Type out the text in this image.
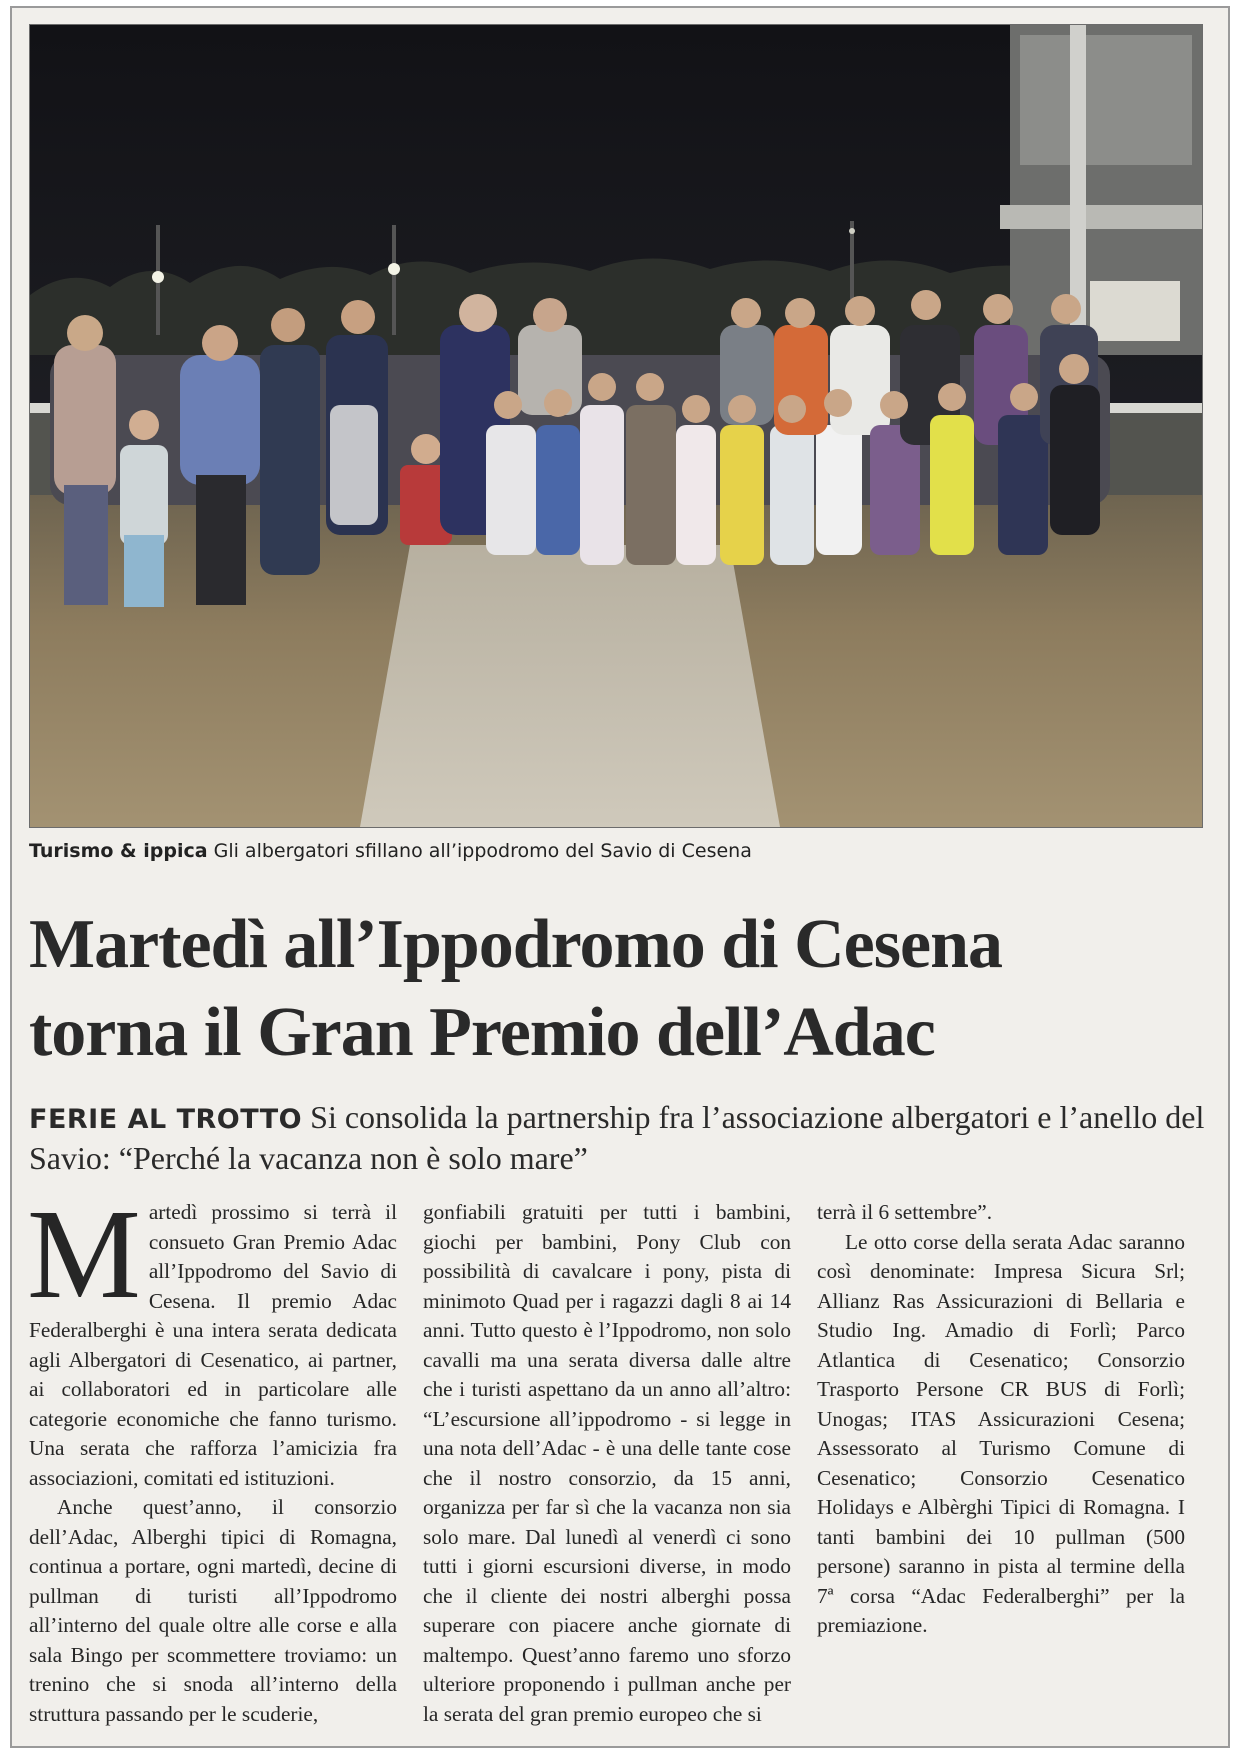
Turismo & ippica Gli albergatori sfillano all’ippodromo del Savio di Cesena
Martedì all’Ippodromo di Cesena
torna il Gran Premio dell’Adac
FERIE AL TROTTO Si consolida la partnership fra l’associazione albergatori e l’anello del Savio: “Perché la vacanza non è solo mare”

Martedì prossimo si terrà il consueto Gran Premio Adac all’Ippodromo del Savio di Cesena. Il premio Adac Federalberghi è una intera serata dedicata agli Albergatori di Cesenatico, ai partner, ai collaboratori ed in particolare alle categorie economiche che fanno turismo. Una serata che rafforza l’amicizia fra associazioni, comitati ed istituzioni.

Anche quest’anno, il consorzio dell’Adac, Alberghi tipici di Romagna, continua a portare, ogni martedì, decine di pullman di turisti all’Ippodromo all’interno del quale oltre alle corse e alla sala Bingo per scommettere troviamo: un trenino che si snoda all’interno della struttura passando per le scuderie,

gonfiabili gratuiti per tutti i bambini, giochi per bambini, Pony Club con possibilità di cavalcare i pony, pista di minimoto Quad per i ragazzi dagli 8 ai 14 anni. Tutto questo è l’Ippodromo, non solo cavalli ma una serata diversa dalle altre che i turisti aspettano da un anno all’altro: “L’escursione all’ippodromo - si legge in una nota dell’Adac - è una delle tante cose che il nostro consorzio, da 15 anni, organizza per far sì che la vacanza non sia solo mare. Dal lunedì al venerdì ci sono tutti i giorni escursioni diverse, in modo che il cliente dei nostri alberghi possa superare con piacere anche giornate di maltempo. Quest’anno faremo uno sforzo ulteriore proponendo i pullman anche per la serata del gran premio europeo che si

terrà il 6 settembre”.

Le otto corse della serata Adac saranno così denominate: Impresa Sicura Srl; Allianz Ras Assicurazioni di Bellaria e Studio Ing. Amadio di Forlì; Parco Atlantica di Cesenatico; Consorzio Trasporto Persone CR BUS di Forlì; Unogas; ITAS Assicurazioni Cesena; Assessorato al Turismo Comune di Cesenatico; Consorzio Cesenatico Holidays e Albèrghi Tipici di Romagna. I tanti bambini dei 10 pullman (500 persone) saranno in pista al termine della 7ª corsa “Adac Federalberghi” per la premiazione.
